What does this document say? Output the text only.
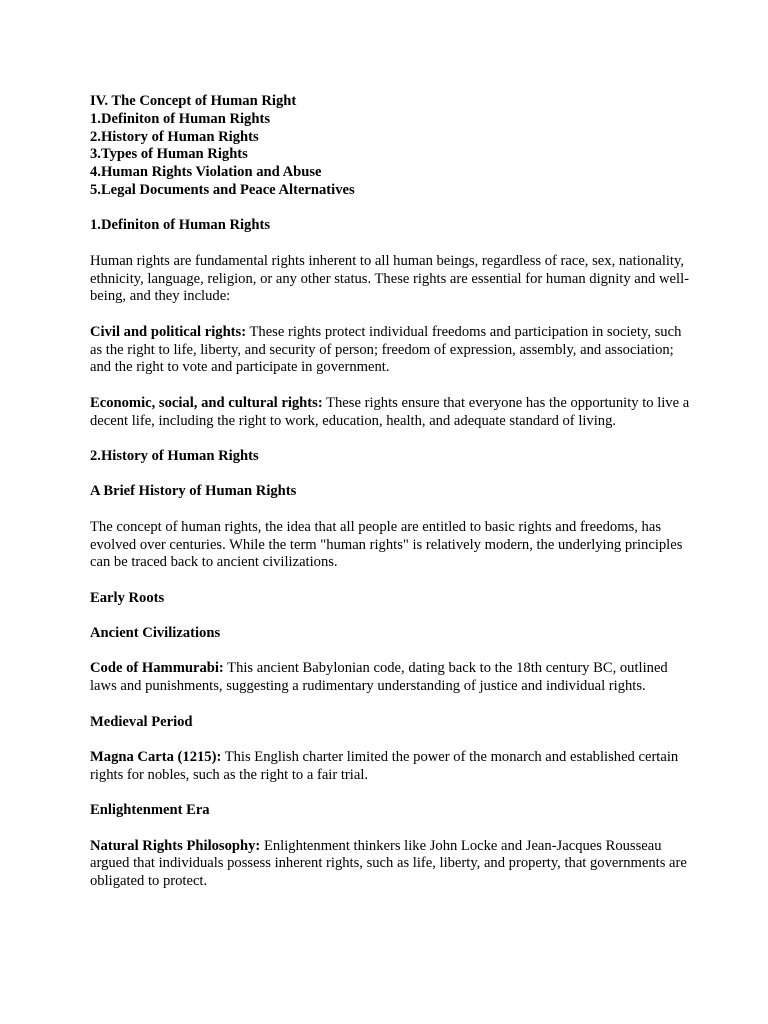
IV. The Concept of Human Right

1.Definiton of Human Rights

2.History of Human Rights

3.Types of Human Rights

4.Human Rights Violation and Abuse

5.Legal Documents and Peace Alternatives

1.Definiton of Human Rights

Human rights are fundamental rights inherent to all human beings, regardless of race, sex, nationality, ethnicity, language, religion, or any other status. These rights are essential for human dignity and well-being, and they include:

Civil and political rights: These rights protect individual freedoms and participation in society, such as the right to life, liberty, and security of person; freedom of expression, assembly, and association; and the right to vote and participate in government.

Economic, social, and cultural rights: These rights ensure that everyone has the opportunity to live a decent life, including the right to work, education, health, and adequate standard of living.

2.History of Human Rights

A Brief History of Human Rights

The concept of human rights, the idea that all people are entitled to basic rights and freedoms, has evolved over centuries. While the term "human rights" is relatively modern, the underlying principles can be traced back to ancient civilizations.

Early Roots

Ancient Civilizations

Code of Hammurabi: This ancient Babylonian code, dating back to the 18th century BC, outlined laws and punishments, suggesting a rudimentary understanding of justice and individual rights.

Medieval Period

Magna Carta (1215): This English charter limited the power of the monarch and established certain rights for nobles, such as the right to a fair trial.

Enlightenment Era

Natural Rights Philosophy: Enlightenment thinkers like John Locke and Jean-Jacques Rousseau argued that individuals possess inherent rights, such as life, liberty, and property, that governments are obligated to protect.
